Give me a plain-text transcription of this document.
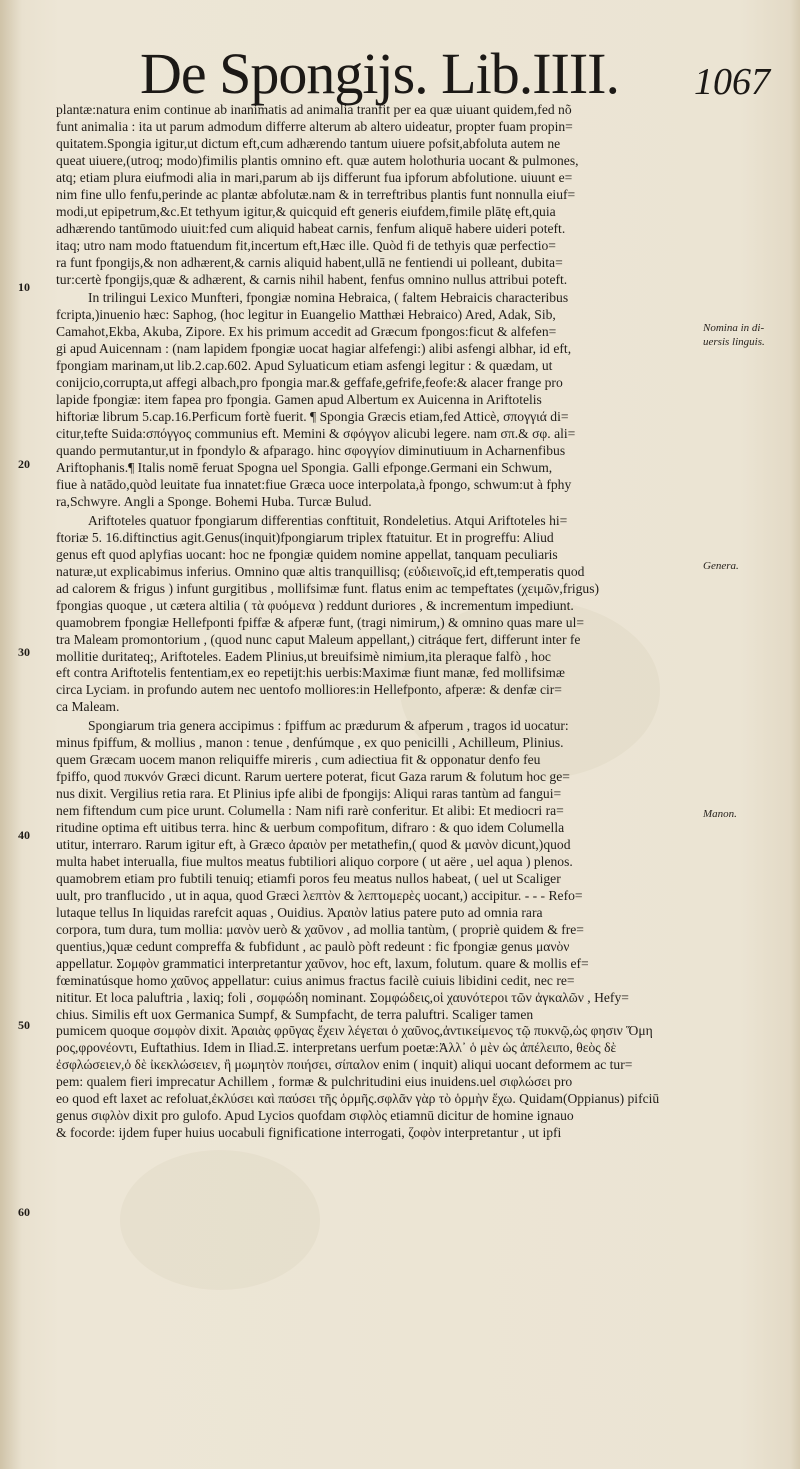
De Spongijs. Lib.IIII. 1067
10
20
30
40
50
60
Nomina in di-
uersis linguis.
Genera.
Manon.
plantæ:natura enim continue ab inanimatis ad animalia tranfit per ea quæ uiuant quidem,fed nõ
funt animalia : ita ut parum admodum differre alterum ab altero uideatur, propter fuam propin=
quitatem.Spongia igitur,ut dictum eft,cum adhærendo tantum uiuere pofsit,abfoluta autem ne
queat uiuere,(utroq; modo)fimilis plantis omnino eft. quæ autem holothuria uocant & pulmones,
atq; etiam plura eiufmodi alia in mari,parum ab ijs differunt fua ipforum abfolutione. uiuunt e=
nim fine ullo fenfu,perinde ac plantæ abfolutæ.nam & in terreftribus plantis funt nonnulla eiuf=
modi,ut epipetrum,&c.Et tethyum igitur,& quicquid eft generis eiufdem,fimile plātę eft,quia
adhærendo tantūmodo uiuit:fed cum aliquid habeat carnis, fenfum aliquē habere uideri poteft.
itaq; utro nam modo ftatuendum fit,incertum eft,Hæc ille. Quòd fi de tethyis quæ perfectio=
ra funt fpongijs,& non adhærent,& carnis aliquid habent,ullā ne fentiendi ui polleant, dubita=
tur:certè fpongijs,quæ & adhærent, & carnis nihil habent, fenfus omnino nullus attribui poteft.
In trilingui Lexico Munfteri, fpongiæ nomina Hebraica, ( faltem Hebraicis characteribus
fcripta,)inuenio hæc: Saphog, (hoc legitur in Euangelio Matthæi Hebraico) Ared, Adak, Sib,
Camahot,Ekba, Akuba, Zipore. Ex his primum accedit ad Græcum fpongos:ficut & alfefen=
gi apud Auicennam : (nam lapidem fpongiæ uocat hagiar alfefengi:) alibi asfengi albhar, id eft,
fpongiam marinam,ut lib.2.cap.602. Apud Syluaticum etiam asfengi legitur : & quædam, ut
conijcio,corrupta,ut affegi albach,pro fpongia mar.& geffafe,gefrife,feofe:& alacer frange pro
lapide fpongiæ: item fapea pro fpongia. Gamen apud Albertum ex Auicenna in Ariftotelis
hiftoriæ librum 5.cap.16.Perficum fortè fuerit. ¶ Spongia Græcis etiam,fed Atticè, σπογγιά di=
citur,tefte Suida:σπόγγος communius eft. Memini & σφόγγον alicubi legere. nam σπ.& σφ. ali=
quando permutantur,ut in fpondylo & afparago. hinc σφογγίον diminutiuum in Acharnenfibus
Ariftophanis.¶ Italis nomē feruat Spogna uel Spongia. Galli efponge.Germani ein Schwum,
fiue à natādo,quòd leuitate fua innatet:fiue Græca uoce interpolata,à fpongo, schwum:ut à fphy
ra,Schwyre. Angli a Sponge. Bohemi Huba. Turcæ Bulud.
Ariftoteles quatuor fpongiarum differentias conftituit, Rondeletius. Atqui Ariftoteles hi=
ftoriæ 5. 16.diftinctius agit.Genus(inquit)fpongiarum triplex ftatuitur. Et in progreffu: Aliud
genus eft quod aplyfias uocant: hoc ne fpongiæ quidem nomine appellat, tanquam peculiaris
naturæ,ut explicabimus inferius. Omnino quæ altis tranquillisq; (εὐδιεινοῖς,id eft,temperatis quod
ad calorem & frigus ) infunt gurgitibus , mollifsimæ funt. flatus enim ac tempeftates (χειμῶν,frigus)
fpongias quoque , ut cætera altilia ( τὰ φυόμενα ) reddunt duriores , & incrementum impediunt.
quamobrem fpongiæ Hellefponti fpiffæ & afperæ funt, (tragi nimirum,) & omnino quas mare ul=
tra Maleam promontorium , (quod nunc caput Maleum appellant,) citráque fert, differunt inter fe
mollitie duritateq;, Ariftoteles. Eadem Plinius,ut breuifsimè nimium,ita pleraque falfò , hoc
eft contra Ariftotelis fententiam,ex eo repetijt:his uerbis:Maximæ fiunt manæ, fed mollifsimæ
circa Lyciam. in profundo autem nec uentofo molliores:in Hellefponto, afperæ: & denfæ cir=
ca Maleam.
Spongiarum tria genera accipimus : fpiffum ac prædurum & afperum , tragos id uocatur:
minus fpiffum, & mollius , manon : tenue , denfúmque , ex quo penicilli , Achilleum, Plinius.
quem Græcam uocem manon reliquiffe mireris , cum adiectiua fit & opponatur denfo feu
fpiffo, quod πυκνόν Græci dicunt. Rarum uertere poterat, ficut Gaza rarum & folutum hoc ge=
nus dixit. Vergilius retia rara. Et Plinius ipfe alibi de fpongijs: Aliqui raras tantùm ad fangui=
nem fiftendum cum pice urunt. Columella : Nam nifi rarè conferitur. Et alibi: Et mediocri ra=
ritudine optima eft uitibus terra. hinc & uerbum compofitum, difraro : & quo idem Columella
utitur, interraro. Rarum igitur eft, à Græco ἀραιὸν per metathefin,( quod & μανὸν dicunt,)quod
multa habet interualla, fiue multos meatus fubtiliori aliquo corpore ( ut aëre , uel aqua ) plenos.
quamobrem etiam pro fubtili tenuiq; etiamfi poros feu meatus nullos habeat, ( uel ut Scaliger
uult, pro tranflucido , ut in aqua, quod Græci λεπτὸν & λεπτομερὲς uocant,) accipitur. - - - Refo=
lutaque tellus In liquidas rarefcit aquas , Ouidius. Ἀραιὸν latius patere puto ad omnia rara
corpora, tum dura, tum mollia: μανὸν uerò & χαῦνον , ad mollia tantùm, ( propriè quidem & fre=
quentius,)quæ cedunt compreffa & fubfidunt , ac paulò pòft redeunt : fic fpongiæ genus μανὸν
appellatur. Σομφὸν grammatici interpretantur χαῦνον, hoc eft, laxum, folutum. quare & mollis ef=
fœminatúsque homo χαῦνος appellatur: cuius animus fractus facilè cuiuis libidini cedit, nec re=
nititur. Et loca paluftria , laxiq; foli , σομφώδη nominant. Σομφώδεις,οἱ χαυνότεροι τῶν ἀγκαλῶν , Hefy=
chius. Similis eft uox Germanica Sumpf, & Sumpfacht, de terra paluftri. Scaliger tamen
pumicem quoque σομφὸν dixit. Ἀραιὰς φρῦγας ἔχειν λέγεται ὁ χαῦνος,ἀντικείμενος τῷ πυκνῷ,ὡς φησιν Ὅμη
ρος,φρονέοντι, Euftathius. Idem in Iliad.Ξ. interpretans uerfum poetæ:Ἀλλ᾽ ὁ μὲν ὡς ἀπέλειπο, θεὸς δὲ
ἐσφλώσειεν,ὁ δὲ ἰκεκλώσειεν, ἢ μωμητὸν ποιήσει, σίπαλον enim ( inquit) aliqui uocant deformem ac tur=
pem: qualem fieri imprecatur Achillem , formæ & pulchritudini eius inuidens.uel σιφλώσει pro
eo quod eft laxet ac refoluat,ἐκλύσει καὶ παύσει τῆς ὁρμῆς.σφλᾶν γὰρ τὸ ὁρμὴν ἔχω. Quidam(Oppianus) pifciū
genus σιφλὸν dixit pro gulofo. Apud Lycios quofdam σιφλὸς etiamnū dicitur de homine ignauo
& focorde: ijdem fuper huius uocabuli fignificatione interrogati, ζοφὸν interpretantur , ut ipfi
